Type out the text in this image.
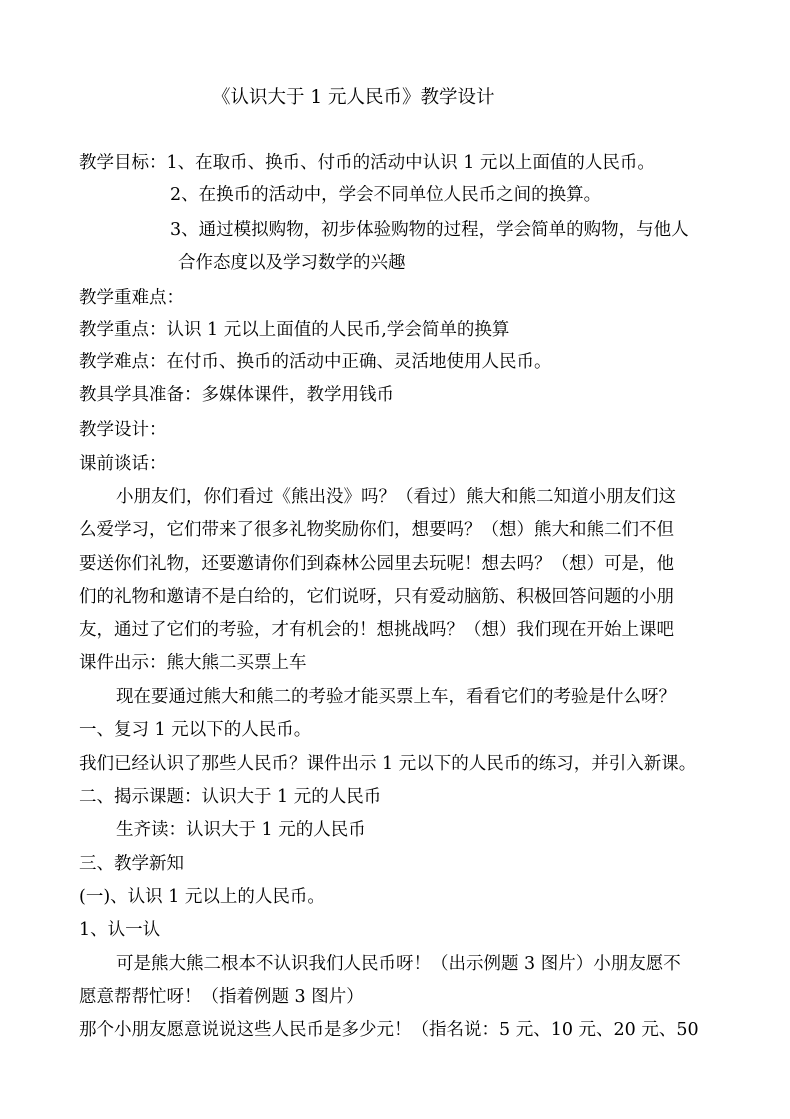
《认识大于 1 元人民币》教学设计
教学目标：1、在取币、换币、付币的活动中认识 1 元以上面值的人民币。
2、在换币的活动中，学会不同单位人民币之间的换算。
3、通过模拟购物，初步体验购物的过程，学会简单的购物，与他人
合作态度以及学习数学的兴趣
教学重难点：
教学重点：认识 1 元以上面值的人民币,学会简单的换算
教学难点：在付币、换币的活动中正确、灵活地使用人民币。
教具学具准备：多媒体课件，教学用钱币
教学设计：
课前谈话：
小朋友们，你们看过《熊出没》吗？（看过）熊大和熊二知道小朋友们这
么爱学习，它们带来了很多礼物奖励你们，想要吗？（想）熊大和熊二们不但
要送你们礼物，还要邀请你们到森林公园里去玩呢！想去吗？（想）可是，他
们的礼物和邀请不是白给的，它们说呀，只有爱动脑筋、积极回答问题的小朋
友，通过了它们的考验，才有机会的！想挑战吗？（想）我们现在开始上课吧
课件出示：熊大熊二买票上车
现在要通过熊大和熊二的考验才能买票上车，看看它们的考验是什么呀？
一、复习 1 元以下的人民币。
我们已经认识了那些人民币？课件出示 1 元以下的人民币的练习，并引入新课。
二、揭示课题：认识大于 1 元的人民币
生齐读：认识大于 1 元的人民币
三、教学新知
(一)、认识 1 元以上的人民币。
1、认一认
可是熊大熊二根本不认识我们人民币呀！（出示例题 3 图片）小朋友愿不
愿意帮帮忙呀！（指着例题 3 图片）
那个小朋友愿意说说这些人民币是多少元！（指名说：5 元、10 元、20 元、50
